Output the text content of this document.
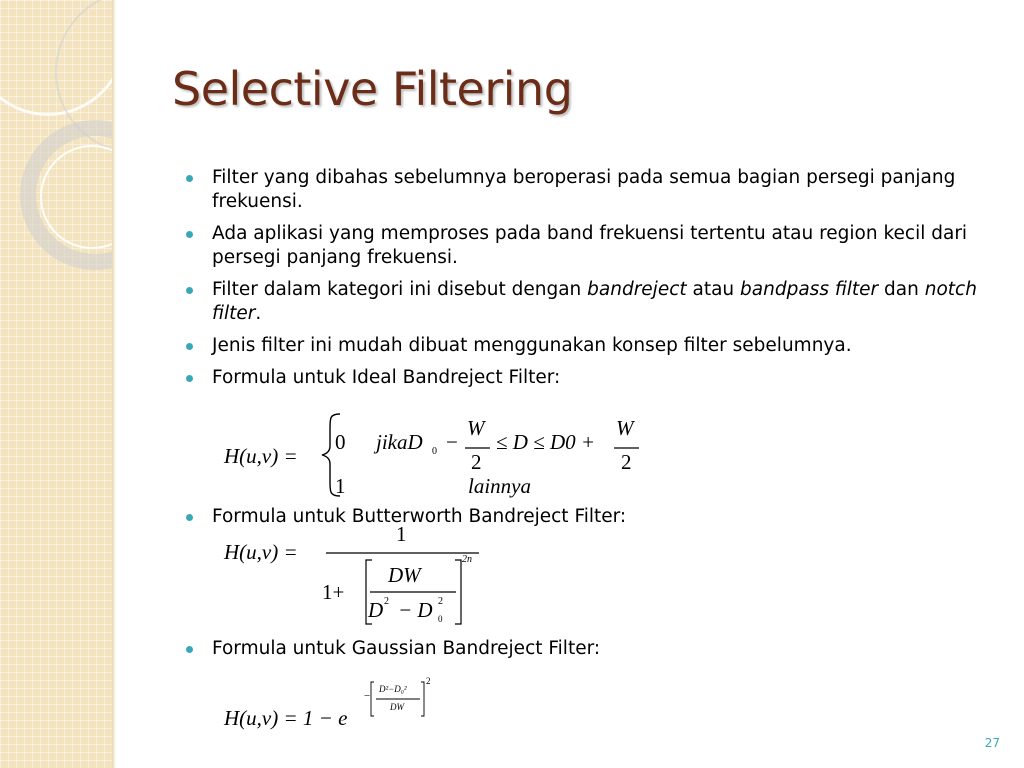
Selective Filtering
Filter yang dibahas sebelumnya beroperasi pada semua bagian persegi panjang frekuensi.
Ada aplikasi yang memproses pada band frekuensi tertentu atau region kecil dari persegi panjang frekuensi.
Filter dalam kategori ini disebut dengan bandreject atau bandpass filter dan notch filter.
Jenis filter ini mudah dibuat menggunakan konsep filter sebelumnya.
Formula untuk Ideal Bandreject Filter:
H(u,v) =
0 jikaD 0 −
W
2
≤ D ≤ D0 +
W
2
1	lainnya
Formula untuk Butterworth Bandreject Filter:
H(u,v) =
1
1+
DW
D 2 − D 2
0
2n
Formula untuk Gaussian Bandreject Filter:
−
D²−D₀²
DW
2
H(u,v) = 1 − e
27
